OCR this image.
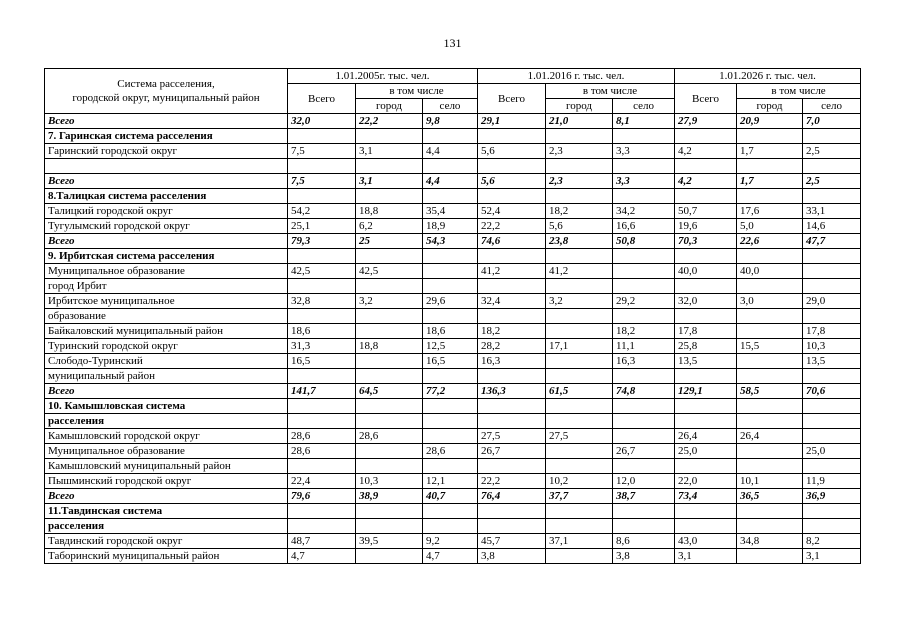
131
Система расселения,
городской округ, муниципальный район	1.01.2005г. тыс. чел.			1.01.2016 г. тыс. чел.			1.01.2026 г. тыс. чел.		
	Всего	в том числе		Всего	в том числе		Всего	в том числе	
		город	село		город	село		город	село
Всего	32,0	22,2	9,8	29,1	21,0	8,1	27,9	20,9	7,0
7. Гаринская система расселения									
Гаринский городской округ	7,5	3,1	4,4	5,6	2,3	3,3	4,2	1,7	2,5

Всего	7,5	3,1	4,4	5,6	2,3	3,3	4,2	1,7	2,5
8.Талицкая система расселения									
Талицкий городской округ	54,2	18,8	35,4	52,4	18,2	34,2	50,7	17,6	33,1
Тугулымский городской округ	25,1	6,2	18,9	22,2	5,6	16,6	19,6	5,0	14,6
Всего	79,3	25	54,3	74,6	23,8	50,8	70,3	22,6	47,7
9. Ирбитская система расселения									
Муниципальное образование	42,5	42,5		41,2	41,2		40,0	40,0	
город Ирбит									
Ирбитское муниципальное	32,8	3,2	29,6	32,4	3,2	29,2	32,0	3,0	29,0
образование									
Байкаловский муниципальный район	18,6		18,6	18,2		18,2	17,8		17,8
Туринский городской округ	31,3	18,8	12,5	28,2	17,1	11,1	25,8	15,5	10,3
Слободо-Туринский	16,5		16,5	16,3		16,3	13,5		13,5
муниципальный район									
Всего	141,7	64,5	77,2	136,3	61,5	74,8	129,1	58,5	70,6
10. Камышловская система									
расселения									
Камышловский городской округ	28,6	28,6		27,5	27,5		26,4	26,4	
Муниципальное образование	28,6		28,6	26,7		26,7	25,0		25,0
Камышловский муниципальный район									
Пышминский городской округ	22,4	10,3	12,1	22,2	10,2	12,0	22,0	10,1	11,9
Всего	79,6	38,9	40,7	76,4	37,7	38,7	73,4	36,5	36,9
11.Тавдинская система									
расселения									
Тавдинский городской округ	48,7	39,5	9,2	45,7	37,1	8,6	43,0	34,8	8,2
Таборинский муниципальный район	4,7		4,7	3,8		3,8	3,1		3,1
